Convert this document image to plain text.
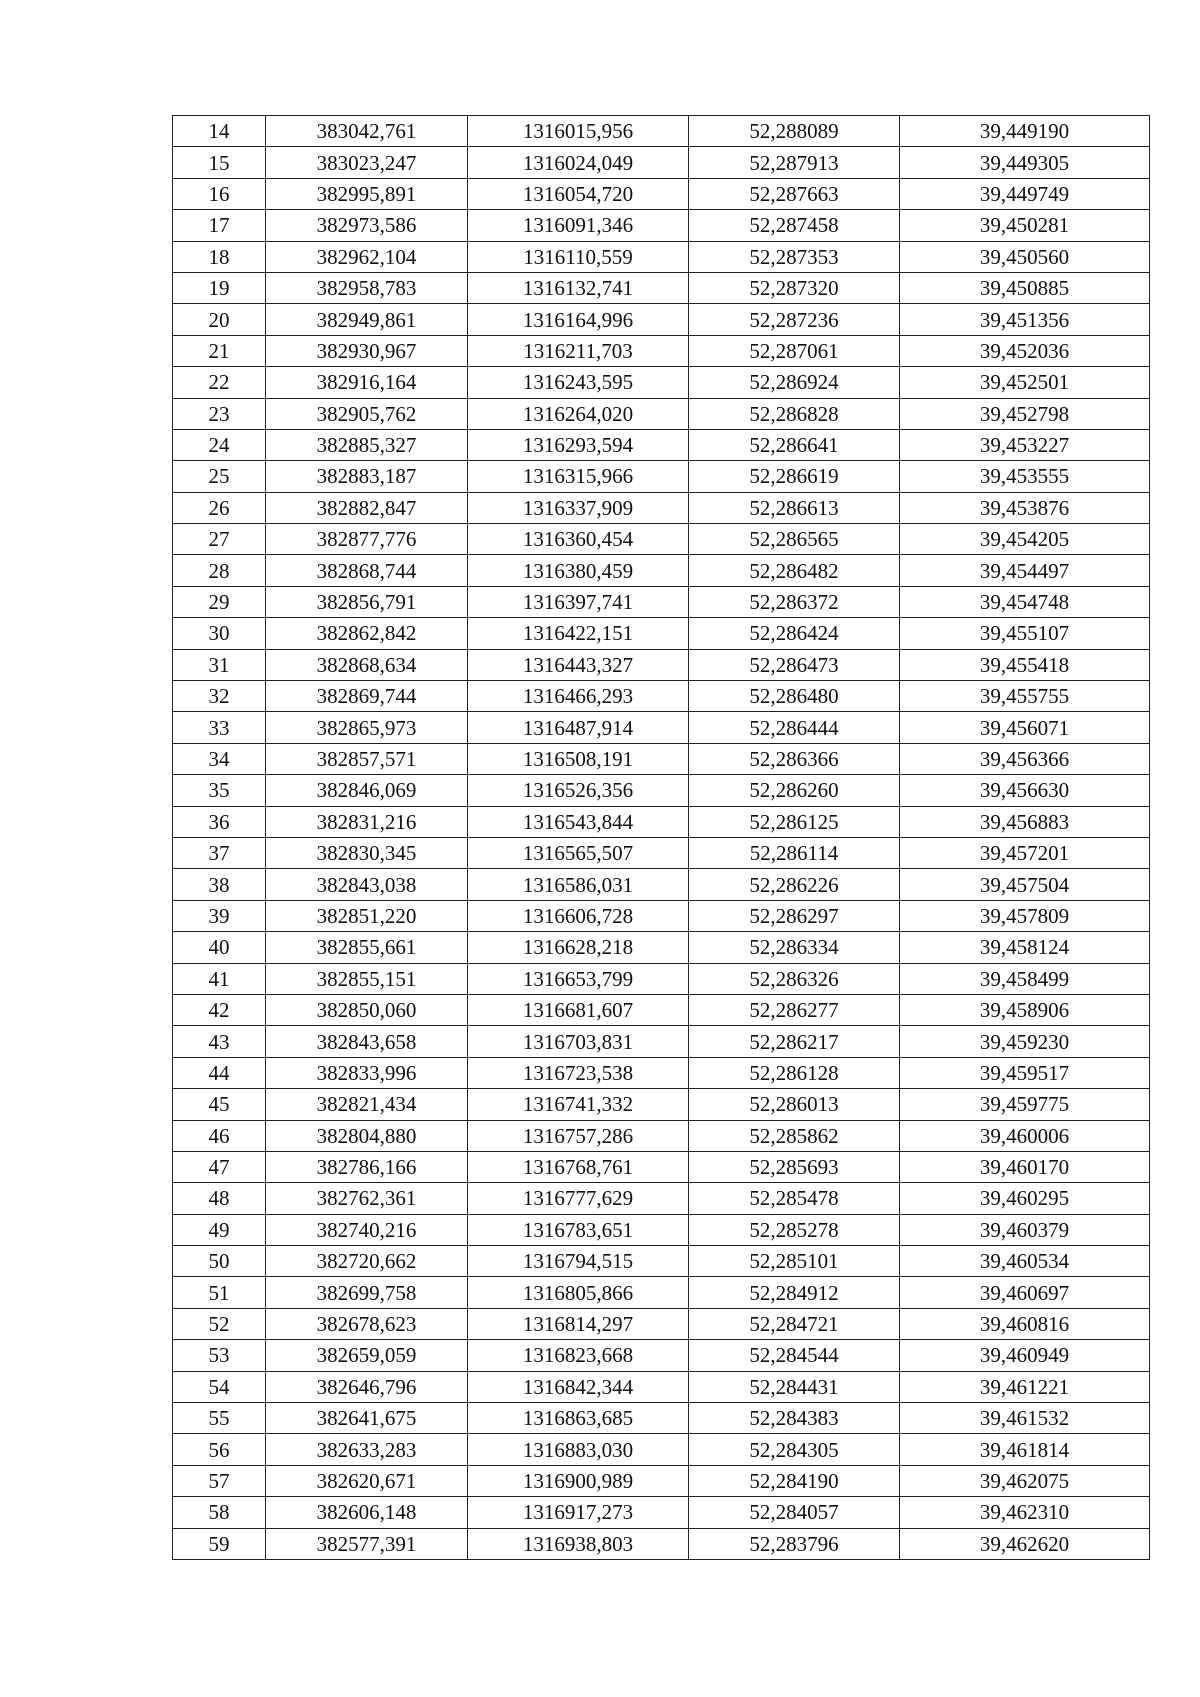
14	383042,761	1316015,956	52,288089	39,449190
15	383023,247	1316024,049	52,287913	39,449305
16	382995,891	1316054,720	52,287663	39,449749
17	382973,586	1316091,346	52,287458	39,450281
18	382962,104	1316110,559	52,287353	39,450560
19	382958,783	1316132,741	52,287320	39,450885
20	382949,861	1316164,996	52,287236	39,451356
21	382930,967	1316211,703	52,287061	39,452036
22	382916,164	1316243,595	52,286924	39,452501
23	382905,762	1316264,020	52,286828	39,452798
24	382885,327	1316293,594	52,286641	39,453227
25	382883,187	1316315,966	52,286619	39,453555
26	382882,847	1316337,909	52,286613	39,453876
27	382877,776	1316360,454	52,286565	39,454205
28	382868,744	1316380,459	52,286482	39,454497
29	382856,791	1316397,741	52,286372	39,454748
30	382862,842	1316422,151	52,286424	39,455107
31	382868,634	1316443,327	52,286473	39,455418
32	382869,744	1316466,293	52,286480	39,455755
33	382865,973	1316487,914	52,286444	39,456071
34	382857,571	1316508,191	52,286366	39,456366
35	382846,069	1316526,356	52,286260	39,456630
36	382831,216	1316543,844	52,286125	39,456883
37	382830,345	1316565,507	52,286114	39,457201
38	382843,038	1316586,031	52,286226	39,457504
39	382851,220	1316606,728	52,286297	39,457809
40	382855,661	1316628,218	52,286334	39,458124
41	382855,151	1316653,799	52,286326	39,458499
42	382850,060	1316681,607	52,286277	39,458906
43	382843,658	1316703,831	52,286217	39,459230
44	382833,996	1316723,538	52,286128	39,459517
45	382821,434	1316741,332	52,286013	39,459775
46	382804,880	1316757,286	52,285862	39,460006
47	382786,166	1316768,761	52,285693	39,460170
48	382762,361	1316777,629	52,285478	39,460295
49	382740,216	1316783,651	52,285278	39,460379
50	382720,662	1316794,515	52,285101	39,460534
51	382699,758	1316805,866	52,284912	39,460697
52	382678,623	1316814,297	52,284721	39,460816
53	382659,059	1316823,668	52,284544	39,460949
54	382646,796	1316842,344	52,284431	39,461221
55	382641,675	1316863,685	52,284383	39,461532
56	382633,283	1316883,030	52,284305	39,461814
57	382620,671	1316900,989	52,284190	39,462075
58	382606,148	1316917,273	52,284057	39,462310
59	382577,391	1316938,803	52,283796	39,462620
